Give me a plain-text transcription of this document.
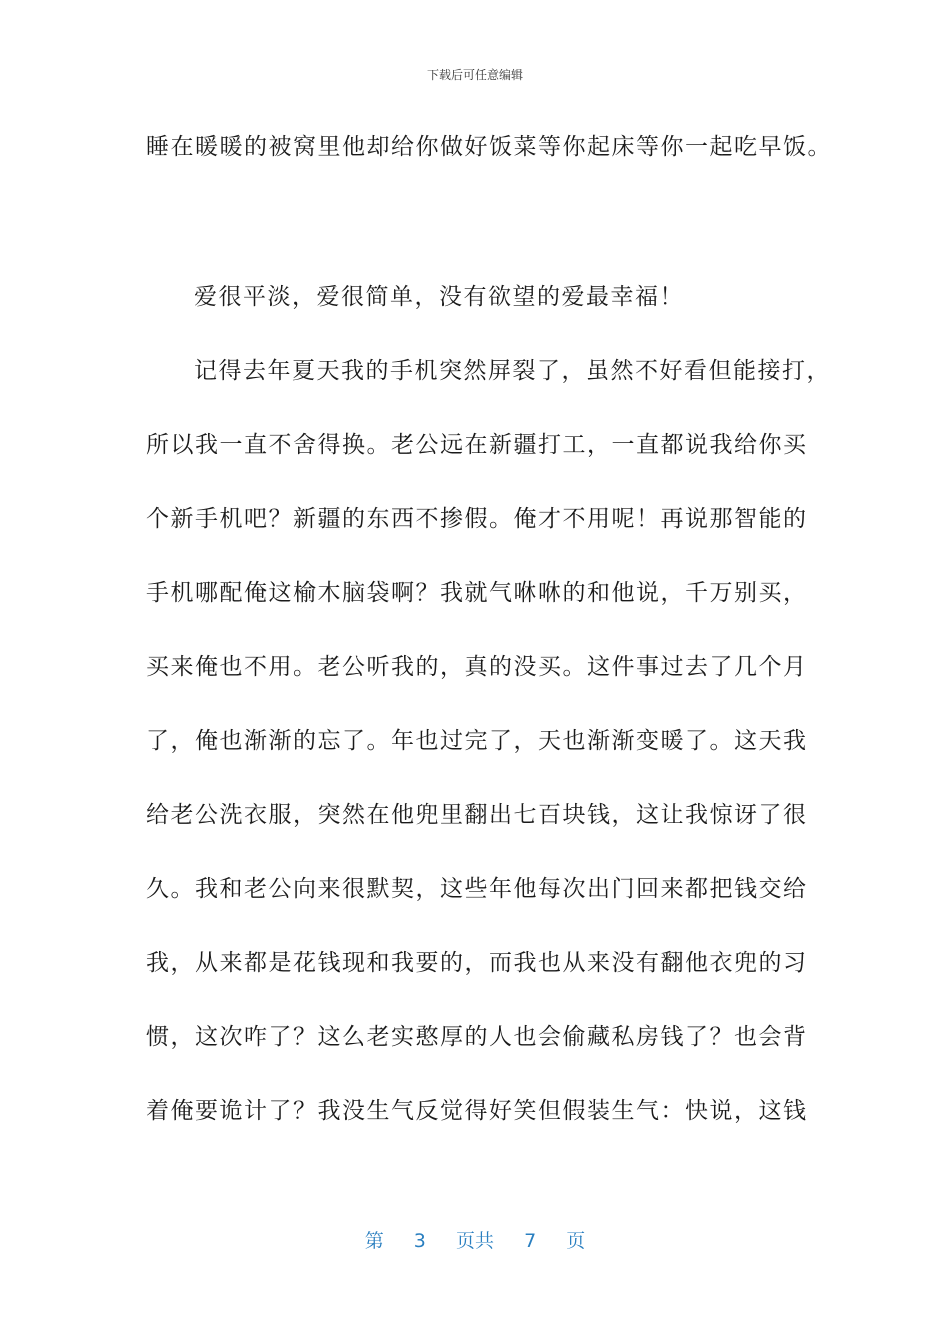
下载后可任意编辑
睡在暖暖的被窝里他却给你做好饭菜等你起床等你一起吃早饭。
爱很平淡，爱很简单，没有欲望的爱最幸福！
记得去年夏天我的手机突然屏裂了，虽然不好看但能接打，
所以我一直不舍得换。老公远在新疆打工，一直都说我给你买
个新手机吧？新疆的东西不掺假。俺才不用呢！再说那智能的
手机哪配俺这榆木脑袋啊？我就气咻咻的和他说，千万别买，
买来俺也不用。老公听我的，真的没买。这件事过去了几个月
了，俺也渐渐的忘了。年也过完了，天也渐渐变暖了。这天我
给老公洗衣服，突然在他兜里翻出七百块钱，这让我惊讶了很
久。我和老公向来很默契，这些年他每次出门回来都把钱交给
我，从来都是花钱现和我要的，而我也从来没有翻他衣兜的习
惯，这次咋了？这么老实憨厚的人也会偷藏私房钱了？也会背
着俺要诡计了？我没生气反觉得好笑但假装生气：快说，这钱
第 3 页共 7 页
